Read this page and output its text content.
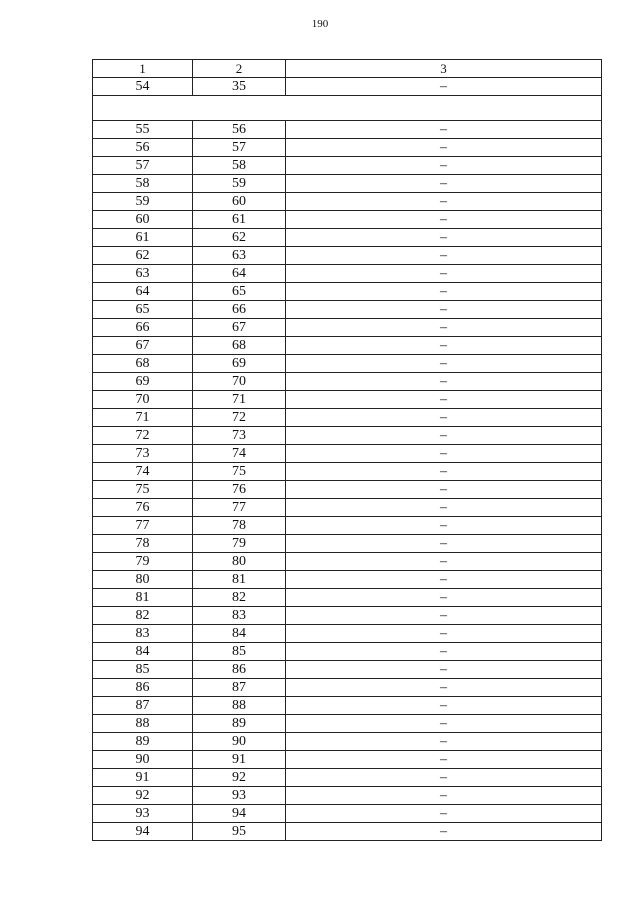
190
1	2	3
54	35	–

55	56	–
56	57	–
57	58	–
58	59	–
59	60	–
60	61	–
61	62	–
62	63	–
63	64	–
64	65	–
65	66	–
66	67	–
67	68	–
68	69	–
69	70	–
70	71	–
71	72	–
72	73	–
73	74	–
74	75	–
75	76	–
76	77	–
77	78	–
78	79	–
79	80	–
80	81	–
81	82	–
82	83	–
83	84	–
84	85	–
85	86	–
86	87	–
87	88	–
88	89	–
89	90	–
90	91	–
91	92	–
92	93	–
93	94	–
94	95	–
